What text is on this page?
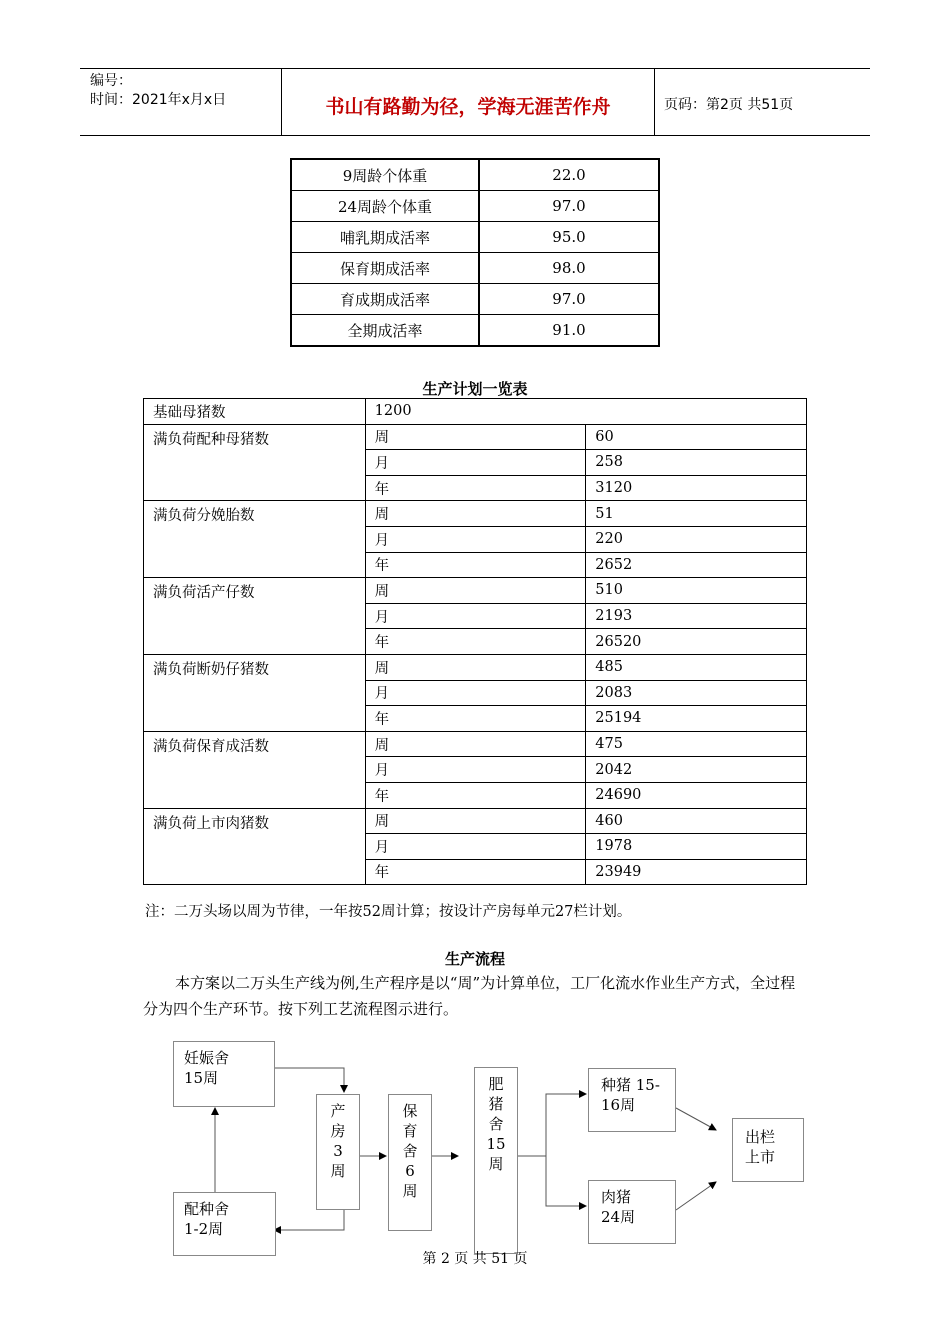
编号：
时间：2021年x月x日	书山有路勤为径，学海无涯苦作舟	页码：第2页 共51页
9周龄个体重	22.0
24周龄个体重	97.0
哺乳期成活率	95.0
保育期成活率	98.0
育成期成活率	97.0
全期成活率	91.0
生产计划一览表
基础母猪数	1200	
满负荷配种母猪数	周	60
	月	258
	年	3120
满负荷分娩胎数	周	51
	月	220
	年	2652
满负荷活产仔数	周	510
	月	2193
	年	26520
满负荷断奶仔猪数	周	485
	月	2083
	年	25194
满负荷保育成活数	周	475
	月	2042
	年	24690
满负荷上市肉猪数	周	460
	月	1978
	年	23949
注：二万头场以周为节律，一年按52周计算；按设计产房每单元27栏计划。
生产流程

本方案以二万头生产线为例,生产程序是以“周”为计算单位，工厂化流水作业生产方式，全过程分为四个生产环节。按下列工艺流程图示进行。

妊娠舍
15周
配种舍
1-2周
产
房
3
周
保
育
舍
6
周
肥
猪
舍
15
周
种猪 15-
16周
肉猪
24周
出栏
上市
第 2 页 共 51 页
